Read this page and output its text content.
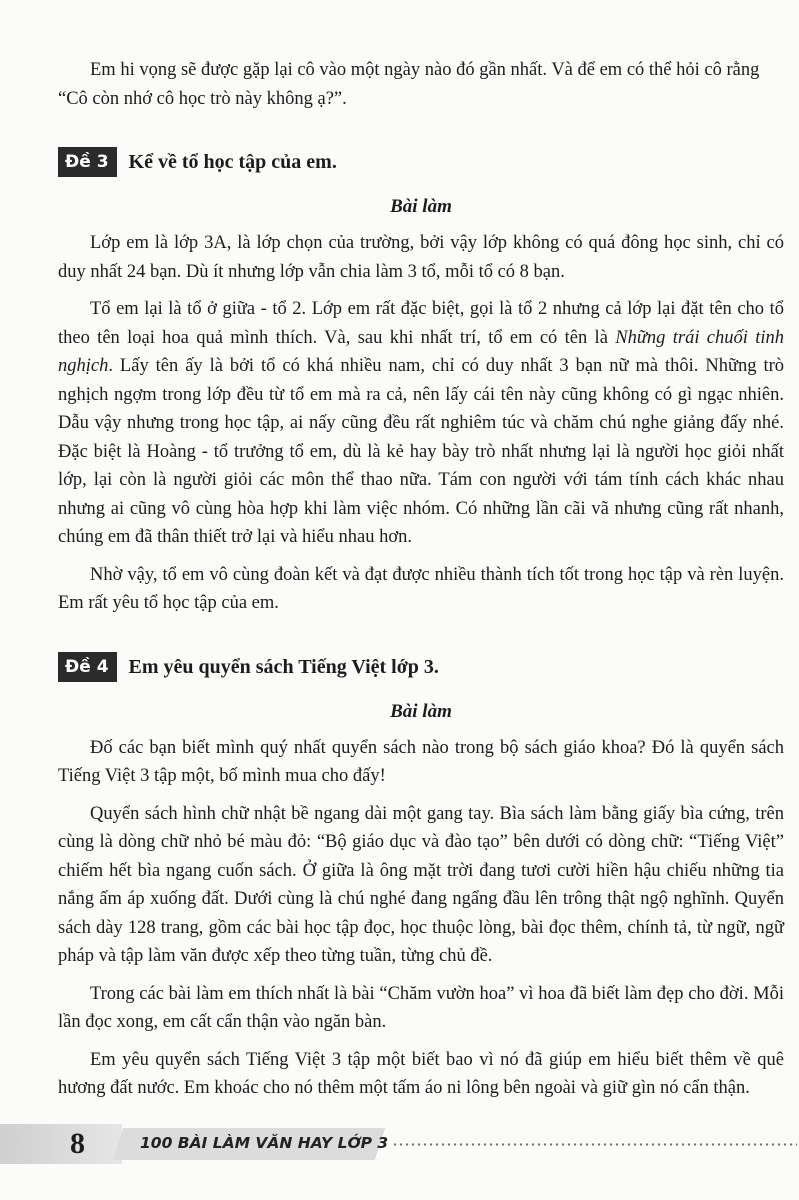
Em hi vọng sẽ được gặp lại cô vào một ngày nào đó gần nhất. Và để em có thể hỏi cô rằng

“Cô còn nhớ cô học trò này không ạ?”.

Đề 3	Kể về tổ học tập của em.
Bài làm

Lớp em là lớp 3A, là lớp chọn của trường, bởi vậy lớp không có quá đông học sinh, chỉ có duy nhất 24 bạn. Dù ít nhưng lớp vẫn chia làm 3 tổ, mỗi tổ có 8 bạn.

Tổ em lại là tổ ở giữa - tổ 2. Lớp em rất đặc biệt, gọi là tổ 2 nhưng cả lớp lại đặt tên cho tổ theo tên loại hoa quả mình thích. Và, sau khi nhất trí, tổ em có tên là Những trái chuối tinh nghịch. Lấy tên ấy là bởi tổ có khá nhiều nam, chỉ có duy nhất 3 bạn nữ mà thôi. Những trò nghịch ngợm trong lớp đều từ tổ em mà ra cả, nên lấy cái tên này cũng không có gì ngạc nhiên. Dẫu vậy nhưng trong học tập, ai nấy cũng đều rất nghiêm túc và chăm chú nghe giảng đấy nhé. Đặc biệt là Hoàng - tổ trưởng tổ em, dù là kẻ hay bày trò nhất nhưng lại là người học giỏi nhất lớp, lại còn là người giỏi các môn thể thao nữa. Tám con người với tám tính cách khác nhau nhưng ai cũng vô cùng hòa hợp khi làm việc nhóm. Có những lần cãi vã nhưng cũng rất nhanh, chúng em đã thân thiết trở lại và hiểu nhau hơn.

Nhờ vậy, tổ em vô cùng đoàn kết và đạt được nhiều thành tích tốt trong học tập và rèn luyện. Em rất yêu tổ học tập của em.

Đề 4	Em yêu quyển sách Tiếng Việt lớp 3.
Bài làm

Đố các bạn biết mình quý nhất quyển sách nào trong bộ sách giáo khoa? Đó là quyển sách Tiếng Việt 3 tập một, bố mình mua cho đấy!

Quyển sách hình chữ nhật bề ngang dài một gang tay. Bìa sách làm bằng giấy bìa cứng, trên cùng là dòng chữ nhỏ bé màu đỏ: “Bộ giáo dục và đào tạo” bên dưới có dòng chữ: “Tiếng Việt” chiếm hết bìa ngang cuốn sách. Ở giữa là ông mặt trời đang tươi cười hiền hậu chiếu những tia nắng ấm áp xuống đất. Dưới cùng là chú nghé đang ngẩng đầu lên trông thật ngộ nghĩnh. Quyển sách dày 128 trang, gồm các bài học tập đọc, học thuộc lòng, bài đọc thêm, chính tả, từ ngữ, ngữ pháp và tập làm văn được xếp theo từng tuần, từng chủ đề.

Trong các bài làm em thích nhất là bài “Chăm vườn hoa” vì hoa đã biết làm đẹp cho đời. Mỗi lần đọc xong, em cất cẩn thận vào ngăn bàn.

Em yêu quyển sách Tiếng Việt 3 tập một biết bao vì nó đã giúp em hiểu biết thêm về quê hương đất nước. Em khoác cho nó thêm một tấm áo ni lông bên ngoài và giữ gìn nó cẩn thận.

8	100 BÀI LÀM VĂN HAY LỚP 3
